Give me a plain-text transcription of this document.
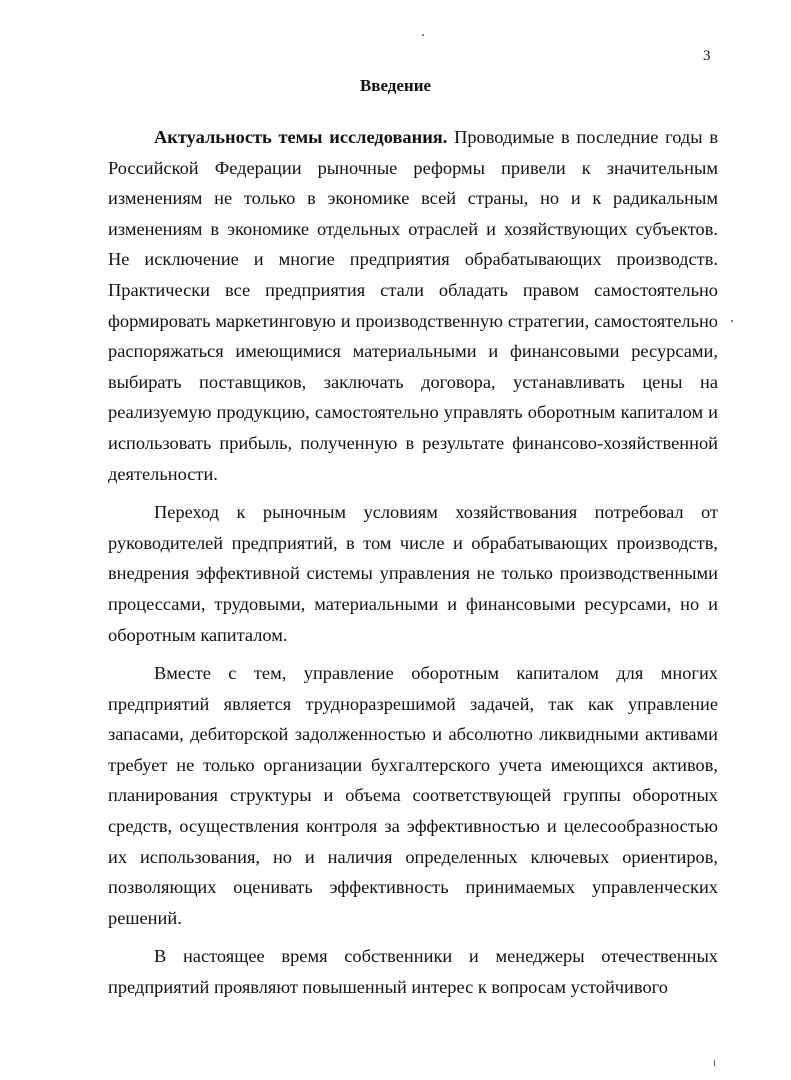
3
Введение

Актуальность темы исследования. Проводимые в последние годы в Российской Федерации рыночные реформы привели к значительным изменениям не только в экономике всей страны, но и к радикальным изменениям в экономике отдельных отраслей и хозяйствующих субъектов. Не исключение и многие предприятия обрабатывающих производств. Практически все предприятия стали обладать правом самостоятельно формировать маркетинговую и производственную стратегии, самостоятельно распоряжаться имеющимися материальными и финансовыми ресурсами, выбирать поставщиков, заключать договора, устанавливать цены на реализуемую продукцию, самостоятельно управлять оборотным капиталом и использовать прибыль, полученную в результате финансово-хозяйственной деятельности.

Переход к рыночным условиям хозяйствования потребовал от руководителей предприятий, в том числе и обрабатывающих производств, внедрения эффективной системы управления не только производственными процессами, трудовыми, материальными и финансовыми ресурсами, но и оборотным капиталом.

Вместе с тем, управление оборотным капиталом для многих предприятий является трудноразрешимой задачей, так как управление запасами, дебиторской задолженностью и абсолютно ликвидными активами требует не только организации бухгалтерского учета имеющихся активов, планирования структуры и объема соответствующей группы оборотных средств, осуществления контроля за эффективностью и целесообразностью их использования, но и наличия определенных ключевых ориентиров, позволяющих оценивать эффективность принимаемых управленческих решений.

В настоящее время собственники и менеджеры отечественных предприятий проявляют повышенный интерес к вопросам устойчивого
